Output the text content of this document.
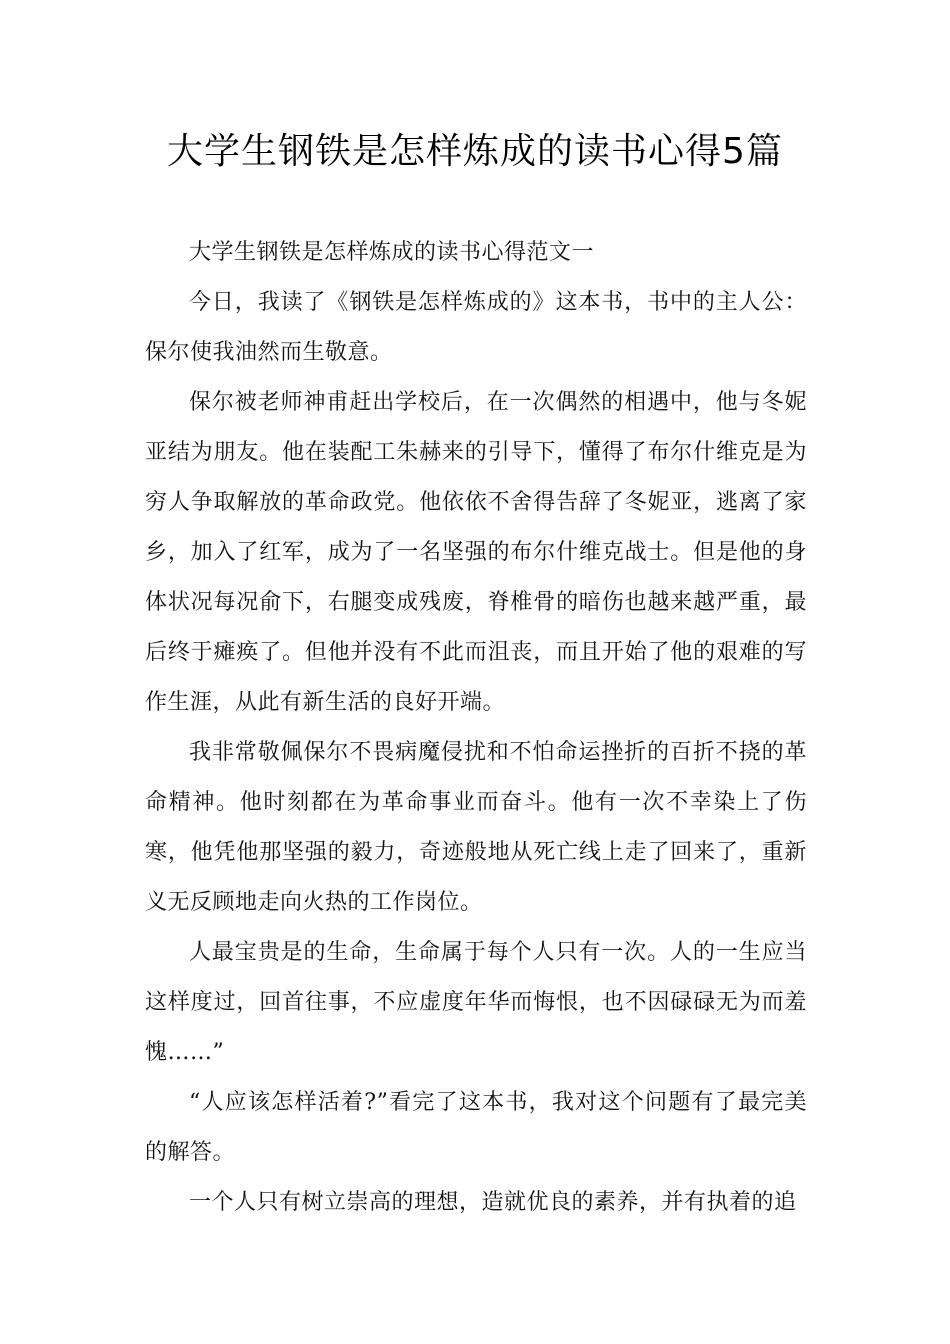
大学生钢铁是怎样炼成的读书心得5篇

大学生钢铁是怎样炼成的读书心得范文一

今日，我读了《钢铁是怎样炼成的》这本书，书中的主人公：保尔使我油然而生敬意。

保尔被老师神甫赶出学校后，在一次偶然的相遇中，他与冬妮亚结为朋友。他在装配工朱赫来的引导下，懂得了布尔什维克是为穷人争取解放的革命政党。他依依不舍得告辞了冬妮亚，逃离了家乡，加入了红军，成为了一名坚强的布尔什维克战士。但是他的身体状况每况俞下，右腿变成残废，脊椎骨的暗伤也越来越严重，最后终于瘫痪了。但他并没有不此而沮丧，而且开始了他的艰难的写作生涯，从此有新生活的良好开端。

我非常敬佩保尔不畏病魔侵扰和不怕命运挫折的百折不挠的革命精神。他时刻都在为革命事业而奋斗。他有一次不幸染上了伤寒，他凭他那坚强的毅力，奇迹般地从死亡线上走了回来了，重新义无反顾地走向火热的工作岗位。

人最宝贵是的生命，生命属于每个人只有一次。人的一生应当这样度过，回首往事，不应虚度年华而悔恨，也不因碌碌无为而羞愧……”

“人应该怎样活着?”看完了这本书，我对这个问题有了最完美的解答。

一个人只有树立崇高的理想，造就优良的素养，并有执着的追
